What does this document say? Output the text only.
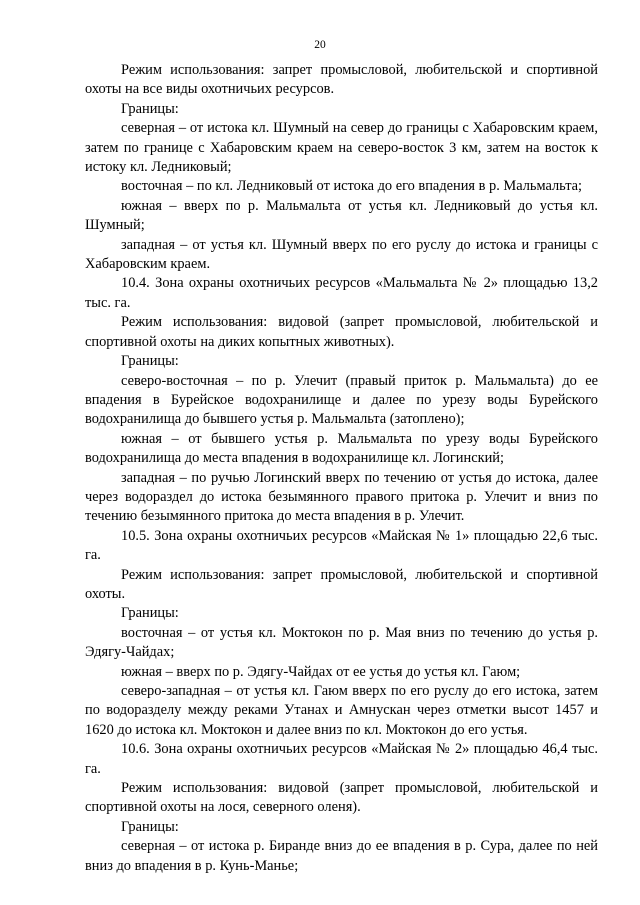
20

Режим использования: запрет промысловой, любительской и спортивной охоты на все виды охотничьих ресурсов.

Границы:

северная – от истока кл. Шумный на север до границы с Хабаровским краем, затем по границе с Хабаровским краем на северо-восток 3 км, затем на восток к истоку кл. Ледниковый;

восточная – по кл. Ледниковый от истока до его впадения в р. Мальмальта;

южная – вверх по р. Мальмальта от устья кл. Ледниковый до устья кл. Шумный;

западная – от устья кл. Шумный вверх по его руслу до истока и границы с Хабаровским краем.

10.4. Зона охраны охотничьих ресурсов «Мальмальта № 2» площадью 13,2 тыс. га.

Режим использования: видовой (запрет промысловой, любительской и спортивной охоты на диких копытных животных).

Границы:

северо-восточная – по р. Улечит (правый приток р. Мальмальта) до ее впадения в Бурейское водохранилище и далее по урезу воды Бурейского водохранилища до бывшего устья р. Мальмальта (затоплено);

южная – от бывшего устья р. Мальмальта по урезу воды Бурейского водохранилища до места впадения в водохранилище кл. Логинский;

западная – по ручью Логинский вверх по течению от устья до истока, далее через водораздел до истока безымянного правого притока р. Улечит и вниз по течению безымянного притока до места впадения в р. Улечит.

10.5. Зона охраны охотничьих ресурсов «Майская № 1» площадью 22,6 тыс. га.

Режим использования: запрет промысловой, любительской и спортивной охоты.

Границы:

восточная – от устья кл. Моктокон по р. Мая вниз по течению до устья р. Эдягу-Чайдах;

южная – вверх по р. Эдягу-Чайдах от ее устья до устья кл. Гаюм;

северо-западная – от устья кл. Гаюм вверх по его руслу до его истока, затем по водоразделу между реками Утанах и Амнускан через отметки высот 1457 и 1620 до истока кл. Моктокон и далее вниз по кл. Моктокон до его устья.

10.6. Зона охраны охотничьих ресурсов «Майская № 2» площадью 46,4 тыс. га.

Режим использования: видовой (запрет промысловой, любительской и спортивной охоты на лося, северного оленя).

Границы:

северная – от истока р. Биранде вниз до ее впадения в р. Сура, далее по ней вниз до впадения в р. Кунь-Манье;
